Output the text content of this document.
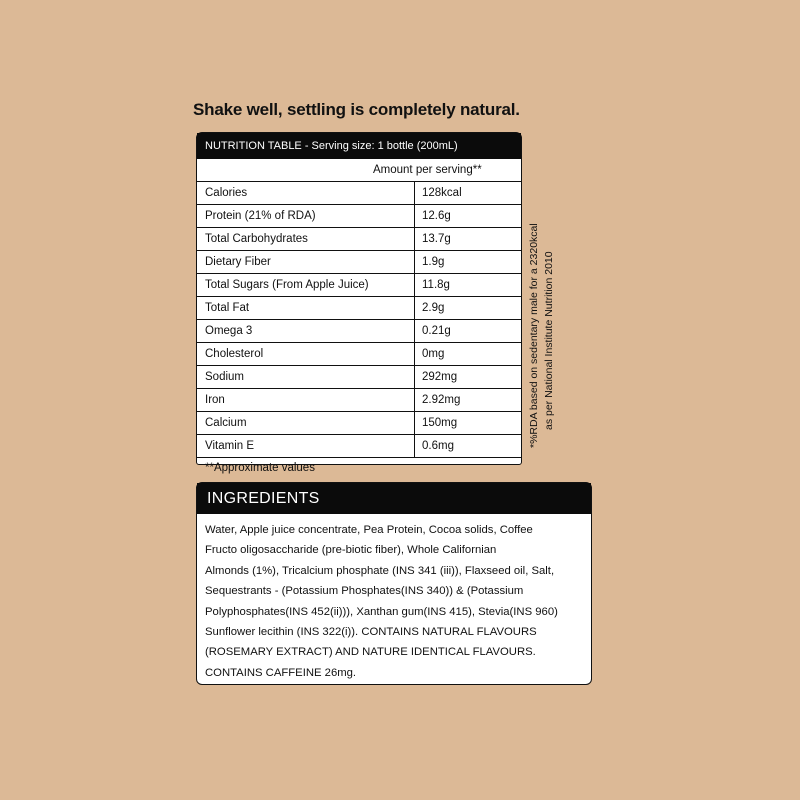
Shake well, settling is completely natural.
NUTRITION TABLE - Serving size: 1 bottle (200mL)
Amount per serving**
Calories	128kcal
Protein (21% of RDA)	12.6g
Total Carbohydrates	13.7g
Dietary Fiber	1.9g
Total Sugars (From Apple Juice)	11.8g
Total Fat	2.9g
Omega 3	0.21g
Cholesterol	0mg
Sodium	292mg
Iron	2.92mg
Calcium	150mg
Vitamin E	0.6mg
**Approximate values
*%RDA based on sedentary male for a 2320kcal as per National Institute Nutrition 2010
INGREDIENTS
Water, Apple juice concentrate, Pea Protein, Cocoa solids, Coffee
Fructo oligosaccharide (pre-biotic fiber), Whole Californian
Almonds (1%), Tricalcium phosphate (INS 341 (iii)), Flaxseed oil, Salt,
Sequestrants - (Potassium Phosphates(INS 340)) & (Potassium
Polyphosphates(INS 452(ii))), Xanthan gum(INS 415), Stevia(INS 960)
Sunflower lecithin (INS 322(i)). CONTAINS NATURAL FLAVOURS
(ROSEMARY EXTRACT) AND NATURE IDENTICAL FLAVOURS.
CONTAINS CAFFEINE 26mg.
